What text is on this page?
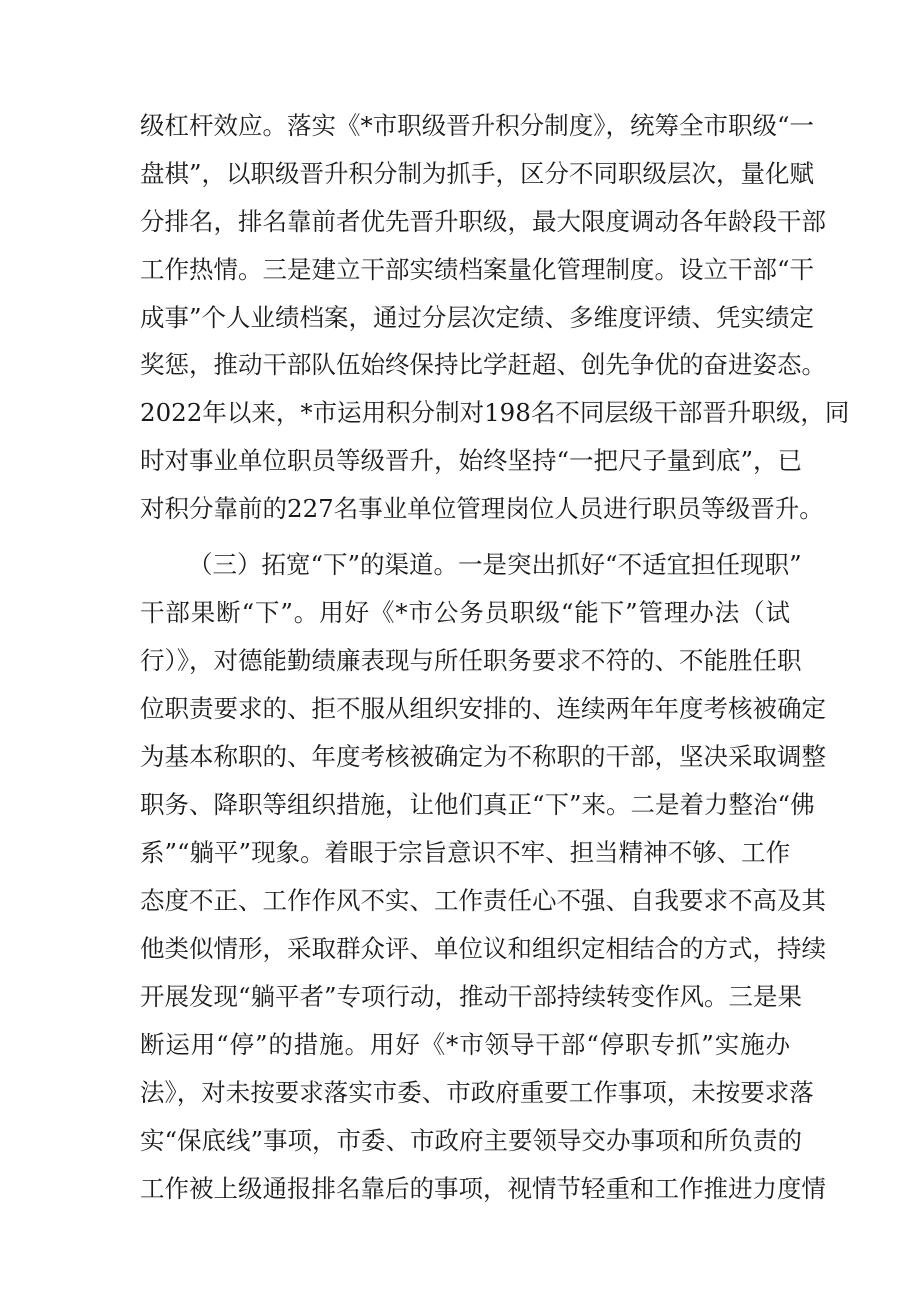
级杠杆效应。落实《*市职级晋升积分制度》，统筹全市职级“一
盘棋”，以职级晋升积分制为抓手，区分不同职级层次，量化赋
分排名，排名靠前者优先晋升职级，最大限度调动各年龄段干部
工作热情。三是建立干部实绩档案量化管理制度。设立干部“干
成事”个人业绩档案，通过分层次定绩、多维度评绩、凭实绩定
奖惩，推动干部队伍始终保持比学赶超、创先争优的奋进姿态。
2022年以来，*市运用积分制对198名不同层级干部晋升职级，同
时对事业单位职员等级晋升，始终坚持“一把尺子量到底”，已
对积分靠前的227名事业单位管理岗位人员进行职员等级晋升。
（三）拓宽“下”的渠道。一是突出抓好“不适宜担任现职”
干部果断“下”。用好《*市公务员职级“能下”管理办法（试
行）》，对德能勤绩廉表现与所任职务要求不符的、不能胜任职
位职责要求的、拒不服从组织安排的、连续两年年度考核被确定
为基本称职的、年度考核被确定为不称职的干部，坚决采取调整
职务、降职等组织措施，让他们真正“下”来。二是着力整治“佛
系”“躺平”现象。着眼于宗旨意识不牢、担当精神不够、工作
态度不正、工作作风不实、工作责任心不强、自我要求不高及其
他类似情形，采取群众评、单位议和组织定相结合的方式，持续
开展发现“躺平者”专项行动，推动干部持续转变作风。三是果
断运用“停”的措施。用好《*市领导干部“停职专抓”实施办
法》，对未按要求落实市委、市政府重要工作事项，未按要求落
实“保底线”事项，市委、市政府主要领导交办事项和所负责的
工作被上级通报排名靠后的事项，视情节轻重和工作推进力度情
